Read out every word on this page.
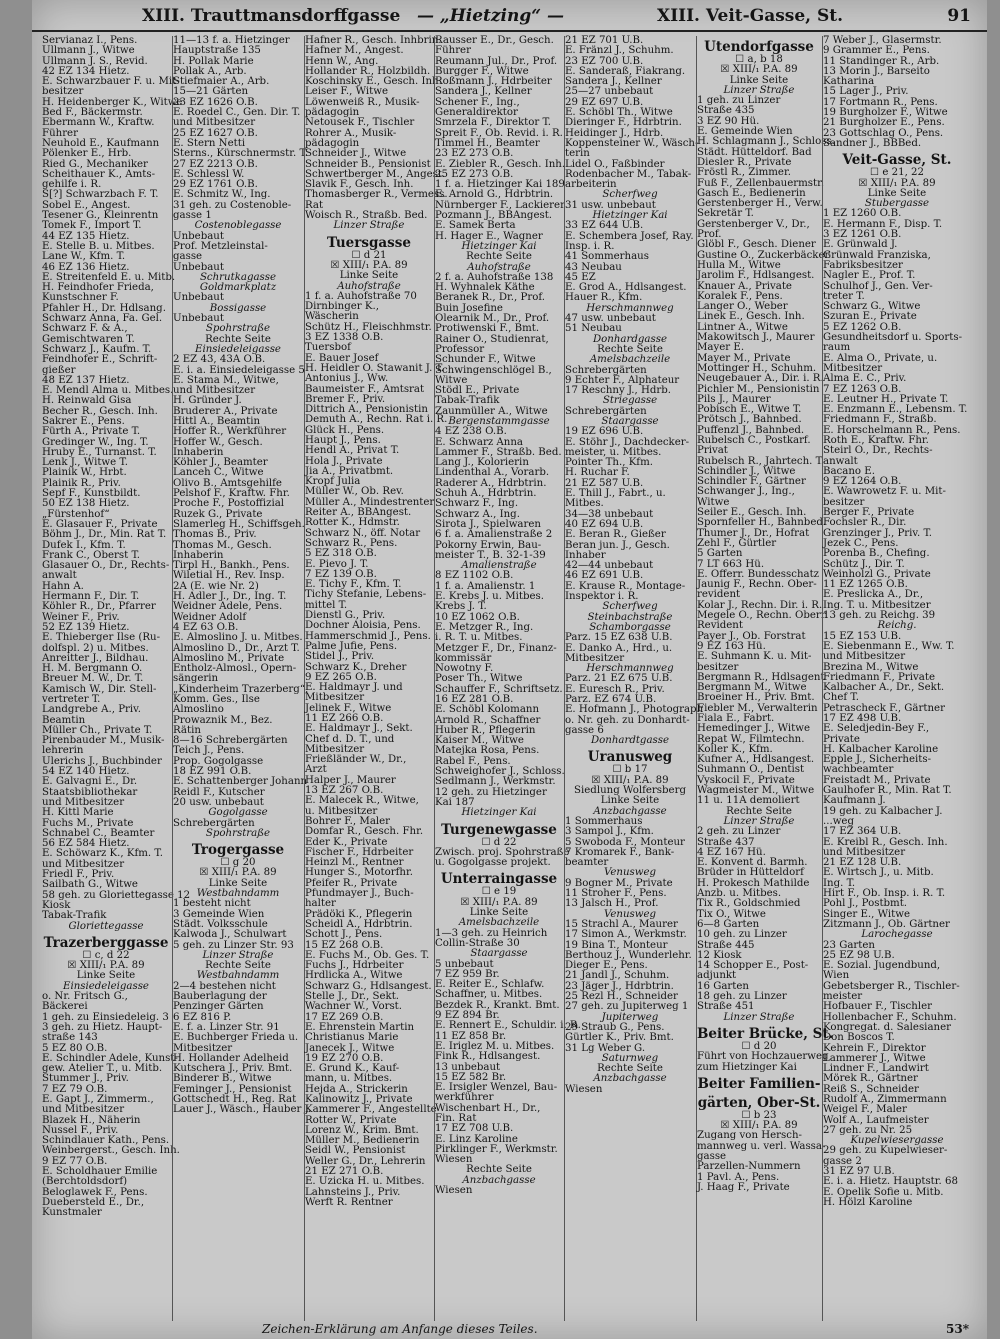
XIII. Trauttmansdorffgasse — „Hietzing“ —	XIII. Veit-Gasse, St.	91
Servianaz I., Pens.
Ullmann J., Witwe
Ullmann J. S., Revid.
42 EZ 134 Hietz.
E. Schwarzbauer F. u. Mit-
besitzer
H. Heidenberger K., Witwe
Bed F., Bäckermstr.
Ebermann W., Kraftw.
Führer
Neuhold E., Kaufmann
Pölenker E., Hrb.
Ried G., Mechaniker
Scheithauer K., Amts-
gehilfe i. R.
S[?] Schwarzbach F. T.
Sobel E., Angest.
Tesener G., Kleinrentn
Tomek F., Import T.
44 EZ 135 Hietz.
E. Stelle B. u. Mitbes.
Lane W., Kfm. T.
46 EZ 136 Hietz.
E. Streitenfeld E. u. Mitb.
H. Feindhofer Frieda,
Kunstschner F.
Pfahler H., Dr. Hdlsang.
Schwarz Anna, Fa. Gel.
Schwarz F. & A.,
Gemischtwaren T.
Schwarz J., Kaufm. T.
Feindhofer E., Schrift-
gießer
48 EZ 137 Hietz.
E. Mendl Alma u. Mitbes.
H. Reinwald Gisa
Becher R., Gesch. Inh.
Sakrer E., Pens.
Fürth A., Private T.
Gredinger W., Ing. T.
Hruby E., Turnanst. T.
Lenk J., Witwe T.
Plainik W., Hrbt.
Plainik R., Priv.
Sepf F., Kunstbildt.
50 EZ 138 Hietz.
„Fürstenhof“
E. Glasauer F., Private
Böhm J., Dr., Min. Rat T.
Dufek I., Kfm. T.
Frank C., Oberst T.
Glasauer O., Dr., Rechts-
anwalt
Hahn A.
Hermann F., Dir. T.
Köhler R., Dr., Pfarrer
Weiner F., Priv.
52 EZ 139 Hietz.
E. Thieberger Ilse (Ru-
dolfspl. 2) u. Mitbes.
Anreitter J., Bildhau.
H. M. Bergmann O.
Breuer M. W., Dr. T.
Kamisch W., Dir. Stell-
vertreter T.
Landgrebe A., Priv.
Beamtin
Müller Ch., Private T.
Pirenbauder M., Musik-
lehrerin
Ulerichs J., Buchbinder
54 EZ 140 Hietz.
E. Galvagni E., Dr.
Staatsbibliothekar
und Mitbesitzer
H. Kittl Marie
Fuchs M., Private
Schnabel C., Beamter
56 EZ 584 Hietz.
E. Schöwarz K., Kfm. T.
und Mitbesitzer
Friedl F., Priv.
Sailbath G., Witwe
58 geh. zu Gloriettegasse 12
Kiosk
Tabak-Trafik
Gloriettegasse
Trazerberggasse
☐ c, d 22
☒ XIII/₁ P.A. 89
Linke Seite
Einsiedeleigasse
o. Nr. Fritsch G.,
Bäckerei
1 geh. zu Einsiedeleig. 3
3 geh. zu Hietz. Haupt-
straße 143
5 EZ 80 O.B.
E. Schindler Adele, Kunst-
gew. Atelier T., u. Mitb.
Stummer J., Priv.
7 EZ 79 O.B.
E. Gapt J., Zimmerm.,
und Mitbesitzer
Blazek H., Näherin
Nussel F., Priv.
Schindlauer Kath., Pens.
Weinbergerst., Gesch. Inh.
9 EZ 77 O.B.
E. Scholdhauer Emilie
(Berchtoldsdorf)
Beloglawek F., Pens.
Duebersteld E., Dr.,
Kunstmaler
11—13 f. a. Hietzinger
Hauptstraße 135
H. Pollak Marie
Pollak A., Arb.
Stiefmaier A., Arb.
15—21 Gärten
23 EZ 1626 O.B.
E. Roedel C., Gen. Dir. T.
und Mitbesitzer
25 EZ 1627 O.B.
E. Stern Netti
Sterns., Kürschnermstr. T.
27 EZ 2213 O.B.
E. Schlessl W.
29 EZ 1761 O.B.
E. Schmitz W., Ing.
31 geh. zu Costenoble-
gasse 1
Costenoblegasse
Unbebaut
Prof. Metzleinstal-
gasse
Unbebaut
Schrutkagasse
Goldmarkplatz
Unbebaut
Bossigasse
Unbebaut
Spohrstraße
Rechte Seite
Einsiedeleigasse
2 EZ 43, 43A O.B.
E. i. a. Einsiedeleigasse 5
E. Stama M., Witwe,
und Mitbesitzer
H. Gründer J.
Bruderer A., Private
Hittl A., Beamtin
Hoffer R., Werkführer
Hoffer W., Gesch.
Inhaberin
Köhler J., Beamter
Lanceh C., Witwe
Olivo B., Amtsgehilfe
Pelshof F., Kraftw. Fhr.
Proche F., Postoffizial
Ruzek G., Private
Slamerleg H., Schiffsgeh.
Thomas B., Priv.
Thomas M., Gesch.
Inhaberin
Tirpl H., Bankh., Pens.
Wiletial H., Rev. Insp.
2A (E. wie Nr. 2)
H. Adler J., Dr., Ing. T.
Weidner Adele, Pens.
Weidner Adolf
4 EZ 63 O.B.
E. Almoslino J. u. Mitbes.
Almoslino D., Dr., Arzt T.
Almoslino M., Private
Entholz-Almosl., Opern-
sängerin
„Kinderheim Trazerberg“,
Komm. Ges., Ilse
Almoslino
Prowaznik M., Bez.
Rätin
8—16 Schrebergärten
Teich J., Pens.
Prop. Gogolgasse
18 EZ 991 O.B.
E. Schattenberger Johann
Reidl F., Kutscher
20 usw. unbebaut
Gogolgasse
Schrebergärten
Spohrstraße
Trogergasse
☐ g 20
☒ XIII/₁ P.A. 89
Linke Seite
Westbahndamm
1 besteht nicht
3 Gemeinde Wien
Städt. Volksschule
Kalwoda J., Schulwart
5 geh. zu Linzer Str. 93
Linzer Straße
Rechte Seite
Westbahndamm
2—4 bestehen nicht
Bauberlagung der
Penzinger Gärten
6 EZ 816 P.
E. f. a. Linzer Str. 91
E. Buchberger Frieda u.
Mitbesitzer
H. Hollander Adelheid
Kutschera J., Priv. Bmt.
Binderer B., Witwe
Feminger J., Pensionist
Gottschedt H., Reg. Rat
Lauer J., Wäsch., Hauber J.
Hafner R., Gesch. Inhbrin.
Hafner M., Angest.
Henn W., Ang.
Hollander R., Holzbildh.
Koschinsky E., Gesch. Inh.
Leiser F., Witwe
Löwenweiß R., Musik-
pädagogin
Netousek F., Tischler
Rohrer A., Musik-
pädagogin
Schneider J., Witwe
Schneider B., Pensionist
Schwertberger M., Angest.
Slavik F., Gesch. Inh.
Thomasberger R., Vermess.
Rat
Woisch R., Straßb. Bed.
Linzer Straße
Tuersgasse
☐ d 21
☒ XIII/₁ P.A. 89
Linke Seite
Auhofstraße
1 f. a. Auhofstraße 70
Dirnbinger K.,
Wäscherin
Schütz H., Fleischhmstr.
3 EZ 1338 O.B.
Tuersbof
E. Bauer Josef
H. Heidler O. Stawanit J. T.
Antonius J., Ww.
Baumeister F., Amtsrat
Bremer F., Priv.
Dittrich A., Pensionistin
Demuth A., Rechn. Rat i. R.
Glück H., Pens.
Haupt J., Pens.
Hendl A., Privat T.
Hola J., Private
Jia A., Privatbmt.
Kropf Julia
Müller W., Ob. Rev.
Müller A., Mindestrenter
Reiter A., BBAngest.
Rotter K., Hdmstr.
Schwarz N., öff. Notar
Schwarz R., Pens.
5 EZ 318 O.B.
E. Pievo J. T.
7 EZ 139 O.B.
E. Tichy F., Kfm. T.
Tichy Stefanie, Lebens-
mittel T.
Dienstl G., Priv.
Dochner Aloisia, Pens.
Hammerschmid J., Pens.
Palme Jufie, Pens.
Stidel J., Priv.
Schwarz K., Dreher
9 EZ 265 O.B.
E. Haldmayr J. und
Mitbesitzer
Jelinek F., Witwe
11 EZ 266 O.B.
E. Haldmayr J., Sekt.
Chef d. D. T., und
Mitbesitzer
Frießländer W., Dr.,
Arzt
Halper J., Maurer
13 EZ 267 O.B.
E. Malecek R., Witwe,
u. Mitbesitzer
Bohrer F., Maler
Domfar R., Gesch. Fhr.
Eder K., Private
Fischer F., Hdrbeiter
Heinzl M., Rentner
Hunger S., Motorfhr.
Pfeifer R., Private
Pfundmayer J., Buch-
halter
Prädöki K., Pflegerin
Scheidl A., Hdrbtrin.
Schott J., Pens.
15 EZ 268 O.B.
E. Fuchs M., Ob. Ges. T.
Fuchs J., Hdrbeiter
Hrdlicka A., Witwe
Schwarz G., Hdlsangest.
Stelle J., Dr., Sekt.
Wachner W., Vorst.
17 EZ 269 O.B.
E. Ehrenstein Martin
Christianus Marie
Janecek J., Witwe
19 EZ 270 O.B.
E. Grund K., Kauf-
mann, u. Mitbes.
Hejda A., Strickerin
Kalinowitz J., Private
Kammerer F., Angestellte
Rotter W., Private
Lorenz W., Krim. Bmt.
Müller M., Bedienerin
Seidl W., Pensionist
Weller G., Dr., Lehrerin
21 EZ 271 O.B.
E. Uzicka H. u. Mitbes.
Lahnsteins J., Priv.
Werft R. Rentner
Rausser E., Dr., Gesch.
Führer
Reumann Jul., Dr., Prof.
Burgger F., Witwe
Roßmann J., Hdrbeiter
Sandera J., Kellner
Schener F., Ing.,
Generaldirektor
Smrzela F., Direktor T.
Spreit F., Ob. Revid. i. R.
Timmel H., Beamter
23 EZ 273 O.B.
E. Ziebler R., Gesch. Inh.
25 EZ 273 O.B.
1 f. a. Hietzinger Kai 189
E. Arnold G., Hdrbtrin.
Nürnberger F., Lackierer
Pozmann J., BBAngest.
E. Samek Berta
H. Hager E., Wagner
Hietzinger Kai
Rechte Seite
Auhofstraße
2 f. a. Auhofstraße 138
H. Wyhnalek Käthe
Beranek R., Dr., Prof.
Buin Josefine
Olearnik M., Dr., Prof.
Protiwenski F., Bmt.
Rainer O., Studienrat,
Professor
Schunder F., Witwe
Schwingenschlögel B.,
Witwe
Stödl E., Private
Tabak-Trafik
Zaunmüller A., Witwe
Bergenstammgasse
4 EZ 238 O.B.
E. Schwarz Anna
Lammer F., Straßb. Bed.
Lang J., Kolorierin
Lindenthal A., Vorarb.
Raderer A., Hdrbtrin.
Schuh A., Hdrbtrin.
Schwarz F., Ing.
Schwarz A., Ing.
Sirota J., Spielwaren
6 f. a. Amalienstraße 2
Pokorny Erwin, Bau-
meister T., B. 32-1-39
Amalienstraße
8 EZ 1102 O.B.
1 f. a. Amalienstr. 1
E. Krebs J. u. Mitbes.
Krebs J. T.
10 EZ 1062 O.B.
E. Metzger R., Ing.
i. R. T. u. Mitbes.
Metzger F., Dr., Finanz-
kommissär
Nowotny F.
Poser Th., Witwe
Schauffer F., Schriftsetz.
16 EZ 281 O.B.
E. Schöbl Kolomann
Arnold R., Schaffner
Huber R., Pflegerin
Kaiser M., Witwe
Matejka Rosa, Pens.
Rabel F., Pens.
Schweighofer J., Schloss.
Sedlmann J., Werkmstr.
12 geh. zu Hietzinger
Kai 187
Hietzinger Kai
Turgenewgasse
☐ d 22
Zwisch. proj. Spohrstraße
u. Gogolgasse projekt.
Unterraingasse
☐ e 19
☒ XIII/₁ P.A. 89
Linke Seite
Amelsbachzeile
1—3 geh. zu Heinrich
Collin-Straße 30
Staargasse
5 unbebaut
7 EZ 959 Br.
E. Reiter E., Schlafw.
Schaffner, u. Mitbes.
Bezdek R., Krankt. Bmt.
9 EZ 894 Br.
E. Rennert E., Schuldir. i. R.
11 EZ 858 Br.
E. Iriglez M. u. Mitbes.
Fink R., Hdlsangest.
13 unbebaut
15 EZ 582 Br.
E. Irsigler Wenzel, Bau-
werkführer
Wischenbart H., Dr.,
Fin. Rat
17 EZ 708 U.B.
E. Linz Karoline
Pirklinger F., Werkmstr.
Wiesen
Rechte Seite
Anzbachgasse
Wiesen
21 EZ 701 U.B.
E. Fränzl J., Schuhm.
23 EZ 700 U.B.
E. Sanderaß, Fiakrang.
Sandera J., Kellner
25—27 unbebaut
29 EZ 697 U.B.
E. Schöbl Th., Witwe
Dieringer F., Hdrbtrin.
Heidinger J., Hdrb.
Koppensteiner W., Wäsch-
terin
Lidel O., Faßbinder
Rodenbacher M., Tabak-
arbeiterin
Scherfweg
31 usw. unbebaut
Hietzinger Kai
33 EZ 644 U.B.
E. Schembera Josef, Ray.
Insp. i. R.
41 Sommerhaus
43 Neubau
45 EZ
E. Grod A., Hdlsangest.
Hauer R., Kfm.
Herschmannweg
47 usw. unbebaut
51 Neubau
Donhardgasse
Rechte Seite
Amelsbachzeile
Schrebergärten
9 Echter F., Alphateur
17 Reschny J., Hdrb.
Striegasse
Schrebergärten
Staargasse
19 EZ 696 U.B.
E. Stöhr J., Dachdecker-
meister, u. Mitbes.
Pointer Th., Kfm.
H. Ruchar F.
21 EZ 587 U.B.
E. Thill J., Fabrt., u.
Mitbes.
34—38 unbebaut
40 EZ 694 U.B.
E. Beran R., Gießer
Beran jun. J., Gesch.
Inhaber
42—44 unbebaut
46 EZ 691 U.B.
E. Krause R., Montage-
Inspektor i. R.
Scherfweg
Steinbachstraße
Schamborgasse
Parz. 15 EZ 638 U.B.
E. Danko A., Hrd., u.
Mitbesitzer
Herschmannweg
Parz. 21 EZ 675 U.B.
E. Euresch R., Priv.
Parz. EZ 674 U.B.
E. Hofmann J., Photograph
o. Nr. geh. zu Donhardt-
gasse 6
Donhardtgasse
Uranusweg
☐ b 17
☒ XIII/₁ P.A. 89
Siedlung Wolfersberg
Linke Seite
Anzbachgasse
1 Sommerhaus
3 Sampol J., Kfm.
5 Swoboda F., Monteur
7 Kromarek F., Bank-
beamter
Venusweg
9 Bogner M., Private
11 Stroher F., Pens.
13 Jalsch H., Prof.
Venusweg
15 Strachl A., Maurer
17 Simon A., Werkmstr.
19 Bina T., Monteur
Berthouz J., Wunderlehr.
Dieger E., Pens.
21 Jandl J., Schuhm.
23 Jäger J., Hdrbtrin.
25 Rezl H., Schneider
27 geh. zu Jupiterweg 1
Jupiterweg
29 Straub G., Pens.
Gürtler K., Priv. Bmt.
31 Lg Weber G.
Saturnweg
Rechte Seite
Anzbachgasse
Wiesen
Utendorfgasse
☐ a, b 18
☒ XIII/₁ P.A. 89
Linke Seite
Linzer Straße
1 geh. zu Linzer
Straße 435
3 EZ 90 Hü.
E. Gemeinde Wien
H. Schlagmann J., Schloss.
Städt. Hütteldorf. Bad
Diesler R., Private
Fröstl R., Zimmer.
Fuß F., Zellenbauermstr.
Gasch E., Bedienerin
Gerstenberger H., Verw.
Sekretär T.
Gerstenberger V., Dr.,
Prof.
Glöbl F., Gesch. Diener
Gustine O., Zuckerbäcker
Hulla M., Witwe
Jarolim F., Hdlsangest.
Knauer A., Private
Koralek F., Pens.
Langer O., Weber
Linek E., Gesch. Inh.
Lintner A., Witwe
Makowitsch J., Maurer
Mayer E.
Mayer M., Private
Mottinger H., Schuhm.
Neugebauer A., Dir. i. R.
Pichler M., Pensionistin
Pils J., Maurer
Pobisch E., Witwe T.
Prötsch J., Bahnbed.
Puffenzl J., Bahnbed.
Rubelsch C., Postkarf.
Privat
Rubelsch R., Jahrtech. T.
Schindler J., Witwe
Schindler F., Gärtner
Schwanger J., Ing.,
Witwe
Seiler E., Gesch. Inh.
Spornfeller H., Bahnbed.
Thumer J., Dr., Hofrat
Zehl F., Gürtler
5 Garten
7 LT 663 Hü.
E. Offerr. Bundesschatz
Jaunig F., Rechn. Ober-
revident
Kolar J., Rechn. Dir. i. R.
Megele O., Rechn. Oberr.
Revident
Payer J., Ob. Forstrat
9 EZ 163 Hü.
E. Suhmann K. u. Mit-
besitzer
Bergmann R., Hdlsagent
Bergmann M., Witwe
Broeiner H., Priv. Bmt.
Fiebler M., Verwalterin
Fiala E., Fabrt.
Hemedinger J., Witwe
Repat W., Filmtechn.
Koller K., Kfm.
Kufner A., Hdlsangest.
Suhmann O., Dentist
Vyskocil F., Private
Wagmeister M., Witwe
11 u. 11A demoliert
Rechte Seite
Linzer Straße
2 geh. zu Linzer
Straße 437
4 EZ 167 Hü.
E. Konvent d. Barmh.
Brüder in Hütteldorf
H. Prokesch Mathilde
Anzb. u. Mitbes.
Tix R., Goldschmied
Tix O., Witwe
6—8 Garten
10 geh. zu Linzer
Straße 445
12 Kiosk
14 Schopper E., Post-
adjunkt
16 Garten
18 geh. zu Linzer
Straße 451
Linzer Straße
Beiter Brücke, St.
☐ d 20
Führt von Hochzauerweg
zum Hietzinger Kai
Beiter Familien-
gärten, Ober-St.
☐ b 23
☒ XIII/₁ P.A. 89
Zugang von Hersch-
mannweg u. verl. Wassa-
gasse
Parzellen-Nummern
1 Pavl. A., Pens.
J. Haag F., Private
7 Weber J., Glasermstr.
9 Grammer E., Pens.
11 Standinger R., Arb.
13 Morin J., Barseito
Katharina
15 Lager J., Priv.
17 Fortmann R., Pens.
19 Burgholzer F., Witwe
21 Burgholzer E., Pens.
23 Gottschlag O., Pens.
Sandner J., BBBed.
Veit-Gasse, St.
☐ e 21, 22
☒ XIII/₁ P.A. 89
Linke Seite
Stubergasse
1 EZ 1260 O.B.
E. Hermann F., Disp. T.
3 EZ 1261 O.B.
E. Grünwald J.
Grünwald Franziska,
Fabriksbesitzer
Nagler E., Prof. T.
Schulhof J., Gen. Ver-
treter T.
Schwarz G., Witwe
Szuran E., Private
5 EZ 1262 O.B.
Gesundheitsdorf u. Sports-
raum
E. Alma O., Private, u.
Mitbesitzer
Alma E. C., Priv.
7 EZ 1263 O.B.
E. Leutner H., Private T.
E. Enzmann E., Lebensm. T.
Friedmann F., Straßb.
E. Horschelmann R., Pens.
Roth E., Kraftw. Fhr.
Steirl O., Dr., Rechts-
anwalt
Bacano E.
9 EZ 1264 O.B.
E. Wawrowetz F. u. Mit-
besitzer
Berger F., Private
Fochsler R., Dir.
Grenzinger J., Priv. T.
Jezek C., Pens.
Porenba B., Chefing.
Schütz J., Dir. T.
Weinholzl G., Private
11 EZ 1265 O.B.
E. Preslicka A., Dr.,
Ing. T. u. Mitbesitzer
13 geh. zu Reichg. 39
Reichg.
15 EZ 153 U.B.
E. Siebenmann E., Ww. T.
und Mitbesitzer
Brezina M., Witwe
Friedmann F., Private
Kalbacher A., Dr., Sekt.
Chef T.
Petrascheck F., Gärtner
17 EZ 498 U.B.
E. Seledjedin-Bey F.,
Private
H. Kalbacher Karoline
Epple J., Sicherheits-
wachbeamter
Freistadt M., Private
Gaulhofer R., Min. Rat T.
Kaufmann J.
19 geh. zu Kalbacher J.
...weg
17 EZ 364 U.B.
E. Kreibl R., Gesch. Inh.
und Mitbesitzer
21 EZ 128 U.B.
E. Wirtsch J., u. Mitb.
Ing. T.
Hirt F., Ob. Insp. i. R. T.
Pohl J., Postbmt.
Singer E., Witwe
Zitzmann J., Ob. Gärtner
Larochegasse
23 Garten
25 EZ 98 U.B.
E. Sozial. Jugendbund,
Wien
Gebetsberger R., Tischler-
meister
Hofbauer F., Tischler
Hollenbacher F., Schuhm.
Kongregat. d. Salesianer
Don Boscos T.
Kehrein F., Direktor
Lammerer J., Witwe
Lindner F., Landwirt
Mörek R., Gärtner
Reiß S., Schneider
Rudolf A., Zimmermann
Weigel F., Maler
Wolf A., Laufmeister
27 geh. zu Nr. 25
Kupelwiesergasse
29 geh. zu Kupelwieser-
gasse 2
31 EZ 97 U.B.
E. i. a. Hietz. Hauptstr. 68
E. Opelik Sofie u. Mitb.
H. Hölzl Karoline
Zeichen-Erklärung am Anfange dieses Teiles.	53*
